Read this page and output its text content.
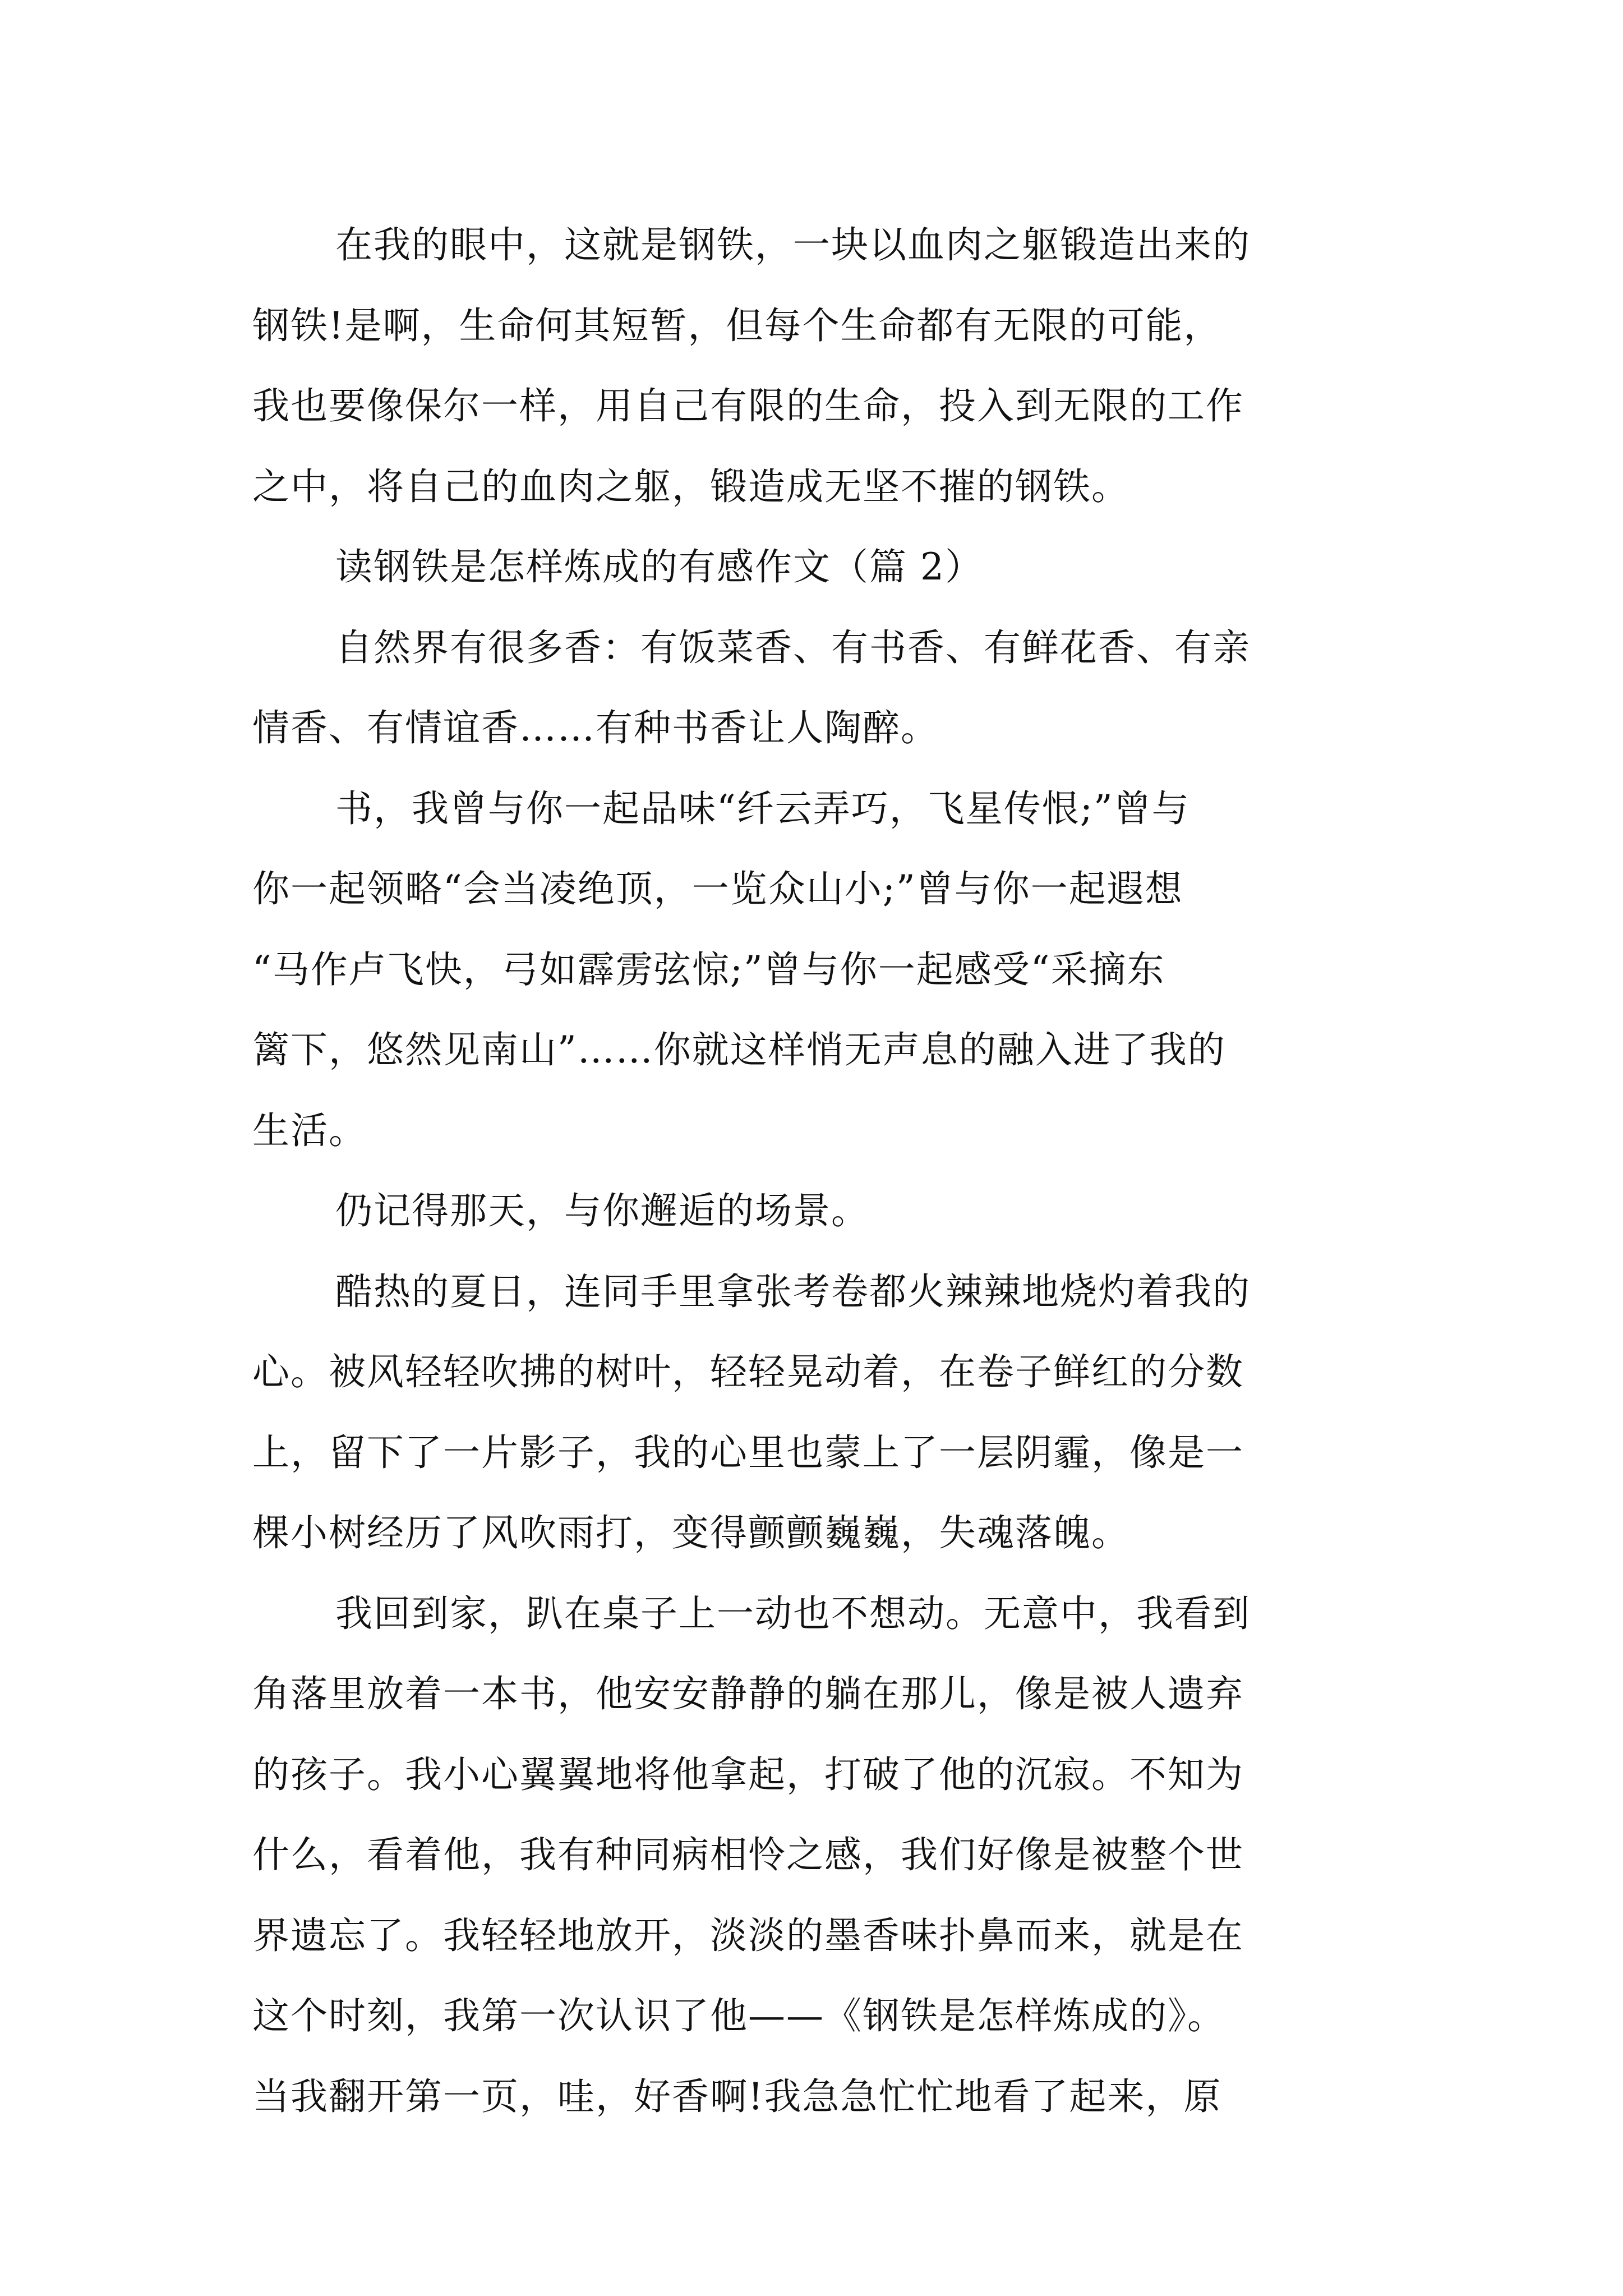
在我的眼中，这就是钢铁，一块以血肉之躯锻造出来的
钢铁!是啊，生命何其短暂，但每个生命都有无限的可能，
我也要像保尔一样，用自己有限的生命，投入到无限的工作
之中，将自己的血肉之躯，锻造成无坚不摧的钢铁。
读钢铁是怎样炼成的有感作文（篇 2）
自然界有很多香：有饭菜香、有书香、有鲜花香、有亲
情香、有情谊香……有种书香让人陶醉。
书，我曾与你一起品味“纤云弄巧，飞星传恨;”曾与
你一起领略“会当凌绝顶，一览众山小;”曾与你一起遐想
“马作卢飞快，弓如霹雳弦惊;”曾与你一起感受“采摘东
篱下，悠然见南山”……你就这样悄无声息的融入进了我的
生活。
仍记得那天，与你邂逅的场景。
酷热的夏日，连同手里拿张考卷都火辣辣地烧灼着我的
心。被风轻轻吹拂的树叶，轻轻晃动着，在卷子鲜红的分数
上，留下了一片影子，我的心里也蒙上了一层阴霾，像是一
棵小树经历了风吹雨打，变得颤颤巍巍，失魂落魄。
我回到家，趴在桌子上一动也不想动。无意中，我看到
角落里放着一本书，他安安静静的躺在那儿，像是被人遗弃
的孩子。我小心翼翼地将他拿起，打破了他的沉寂。不知为
什么，看着他，我有种同病相怜之感，我们好像是被整个世
界遗忘了。我轻轻地放开，淡淡的墨香味扑鼻而来，就是在
这个时刻，我第一次认识了他——《钢铁是怎样炼成的》。
当我翻开第一页，哇，好香啊!我急急忙忙地看了起来，原
